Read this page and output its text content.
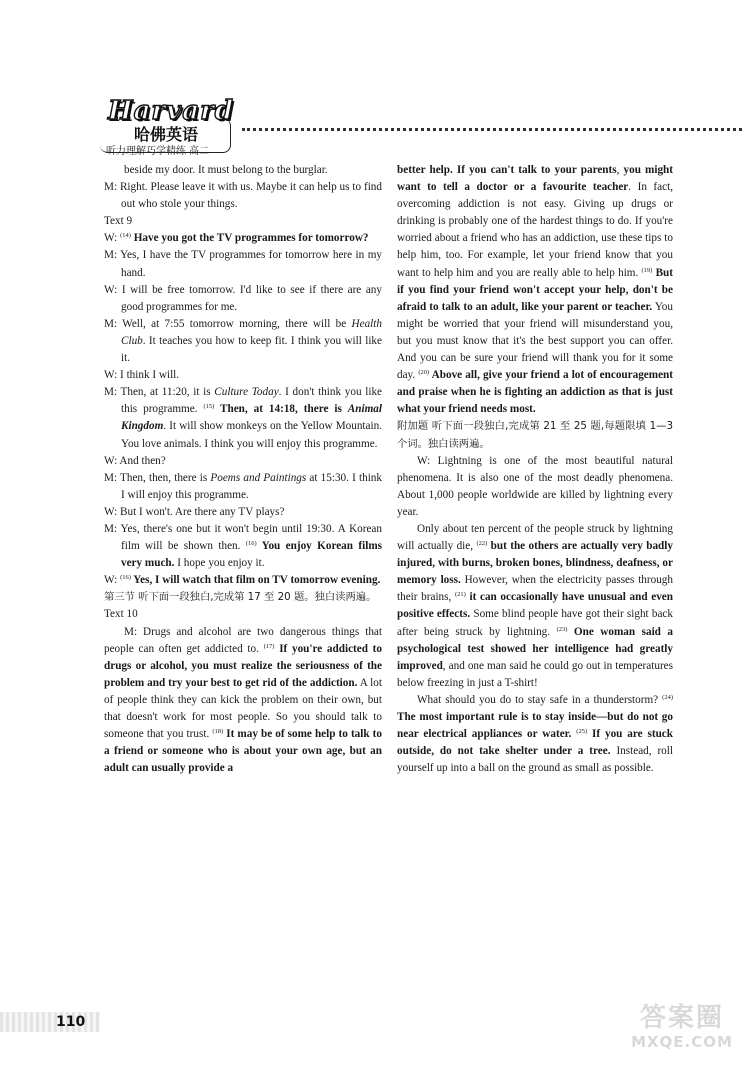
Harvard
哈佛英语
听力理解巧学精练 高二

beside my door. It must belong to the burglar.

M: Right. Please leave it with us. Maybe it can help us to find out who stole your things.

Text 9

W: $^{(14)}$ Have you got the TV programmes for tomorrow?

M: Yes, I have the TV programmes for tomorrow here in my hand.

W: I will be free tomorrow. I'd like to see if there are any good programmes for me.

M: Well, at 7:55 tomorrow morning, there will be Health Club. It teaches you how to keep fit. I think you will like it.

W: I think I will.

M: Then, at 11:20, it is Culture Today. I don't think you like this programme. $^{(15)}$ Then, at 14:18, there is Animal Kingdom. It will show monkeys on the Yellow Mountain. You love animals. I think you will enjoy this programme.

W: And then?

M: Then, then, there is Poems and Paintings at 15:30. I think I will enjoy this programme.

W: But I won't. Are there any TV plays?

M: Yes, there's one but it won't begin until 19:30. A Korean film will be shown then. $^{(16)}$ You enjoy Korean films very much. I hope you enjoy it.

W: $^{(16)}$ Yes, I will watch that film on TV tomorrow evening.

第三节 听下面一段独白,完成第 17 至 20 题。独白读两遍。

Text 10

M: Drugs and alcohol are two dangerous things that people can often get addicted to. $^{(17)}$ If you're addicted to drugs or alcohol, you must realize the seriousness of the problem and try your best to get rid of the addiction. A lot of people think they can kick the problem on their own, but that doesn't work for most people. So you should talk to someone that you trust. $^{(18)}$ It may be of some help to talk to a friend or someone who is about your own age, but an adult can usually provide a

better help. If you can't talk to your parents, you might want to tell a doctor or a favourite teacher. In fact, overcoming addiction is not easy. Giving up drugs or drinking is probably one of the hardest things to do. If you're worried about a friend who has an addiction, use these tips to help him, too. For example, let your friend know that you want to help him and you are really able to help him. $^{(19)}$ But if you find your friend won't accept your help, don't be afraid to talk to an adult, like your parent or teacher. You might be worried that your friend will misunderstand you, but you must know that it's the best support you can offer. And you can be sure your friend will thank you for it some day. $^{(20)}$ Above all, give your friend a lot of encouragement and praise when he is fighting an addiction as that is just what your friend needs most.

附加题 听下面一段独白,完成第 21 至 25 题,每题限填 1—3 个词。独白读两遍。

W: Lightning is one of the most beautiful natural phenomena. It is also one of the most deadly phenomena. About 1,000 people worldwide are killed by lightning every year.

Only about ten percent of the people struck by lightning will actually die, $^{(22)}$ but the others are actually very badly injured, with burns, broken bones, blindness, deafness, or memory loss. However, when the electricity passes through their brains, $^{(21)}$ it can occasionally have unusual and even positive effects. Some blind people have got their sight back after being struck by lightning. $^{(23)}$ One woman said a psychological test showed her intelligence had greatly improved, and one man said he could go out in temperatures below freezing in just a T-shirt!

What should you do to stay safe in a thunderstorm? $^{(24)}$ The most important rule is to stay inside—but do not go near electrical appliances or water. $^{(25)}$ If you are stuck outside, do not take shelter under a tree. Instead, roll yourself up into a ball on the ground as small as possible.

110	答案圈
MXQE.COM
